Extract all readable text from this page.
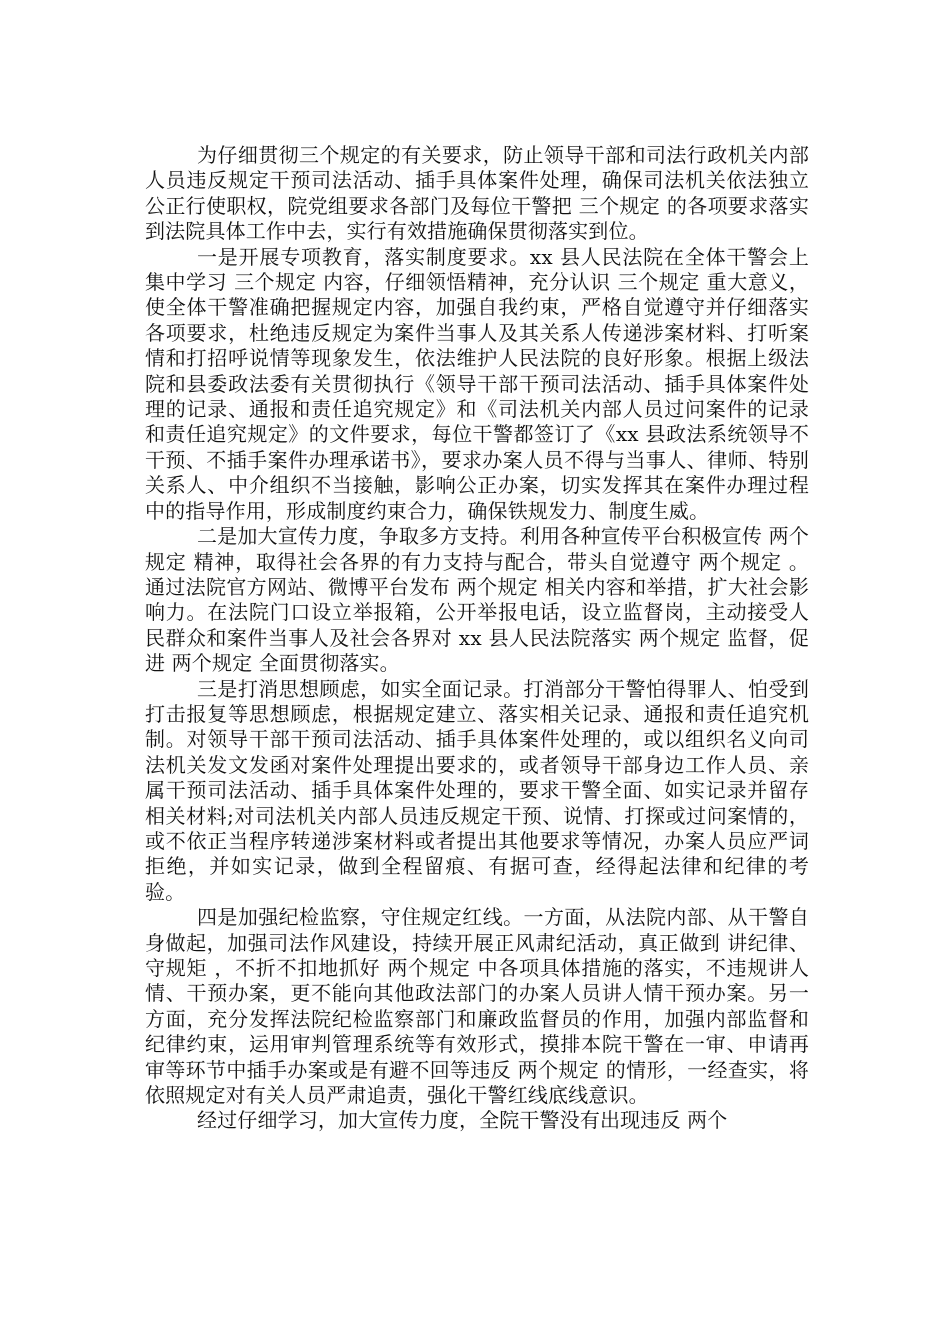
为仔细贯彻三个规定的有关要求，防止领导干部和司法行政机关内部人员违反规定干预司法活动、插手具体案件处理，确保司法机关依法独立公正行使职权，院党组要求各部门及每位干警把 三个规定 的各项要求落实到法院具体工作中去，实行有效措施确保贯彻落实到位。

一是开展专项教育，落实制度要求。xx 县人民法院在全体干警会上集中学习 三个规定 内容，仔细领悟精神，充分认识 三个规定 重大意义，使全体干警准确把握规定内容，加强自我约束，严格自觉遵守并仔细落实各项要求，杜绝违反规定为案件当事人及其关系人传递涉案材料、打听案情和打招呼说情等现象发生，依法维护人民法院的良好形象。根据上级法院和县委政法委有关贯彻执行《领导干部干预司法活动、插手具体案件处理的记录、通报和责任追究规定》和《司法机关内部人员过问案件的记录和责任追究规定》的文件要求，每位干警都签订了《xx 县政法系统领导不干预、不插手案件办理承诺书》，要求办案人员不得与当事人、律师、特别关系人、中介组织不当接触，影响公正办案，切实发挥其在案件办理过程中的指导作用，形成制度约束合力，确保铁规发力、制度生威。

二是加大宣传力度，争取多方支持。利用各种宣传平台积极宣传 两个规定 精神，取得社会各界的有力支持与配合，带头自觉遵守 两个规定 。通过法院官方网站、微博平台发布 两个规定 相关内容和举措，扩大社会影响力。在法院门口设立举报箱，公开举报电话，设立监督岗，主动接受人民群众和案件当事人及社会各界对 xx 县人民法院落实 两个规定 监督，促进 两个规定 全面贯彻落实。

三是打消思想顾虑，如实全面记录。打消部分干警怕得罪人、怕受到打击报复等思想顾虑，根据规定建立、落实相关记录、通报和责任追究机制。对领导干部干预司法活动、插手具体案件处理的，或以组织名义向司法机关发文发函对案件处理提出要求的，或者领导干部身边工作人员、亲属干预司法活动、插手具体案件处理的，要求干警全面、如实记录并留存相关材料;对司法机关内部人员违反规定干预、说情、打探或过问案情的，或不依正当程序转递涉案材料或者提出其他要求等情况，办案人员应严词拒绝，并如实记录，做到全程留痕、有据可查，经得起法律和纪律的考验。

四是加强纪检监察，守住规定红线。一方面，从法院内部、从干警自身做起，加强司法作风建设，持续开展正风肃纪活动，真正做到 讲纪律、守规矩 ，不折不扣地抓好 两个规定 中各项具体措施的落实，不违规讲人情、干预办案，更不能向其他政法部门的办案人员讲人情干预办案。另一方面，充分发挥法院纪检监察部门和廉政监督员的作用，加强内部监督和纪律约束，运用审判管理系统等有效形式，摸排本院干警在一审、申请再审等环节中插手办案或是有避不回等违反 两个规定 的情形，一经查实，将依照规定对有关人员严肃追责，强化干警红线底线意识。

经过仔细学习，加大宣传力度，全院干警没有出现违反 两个
